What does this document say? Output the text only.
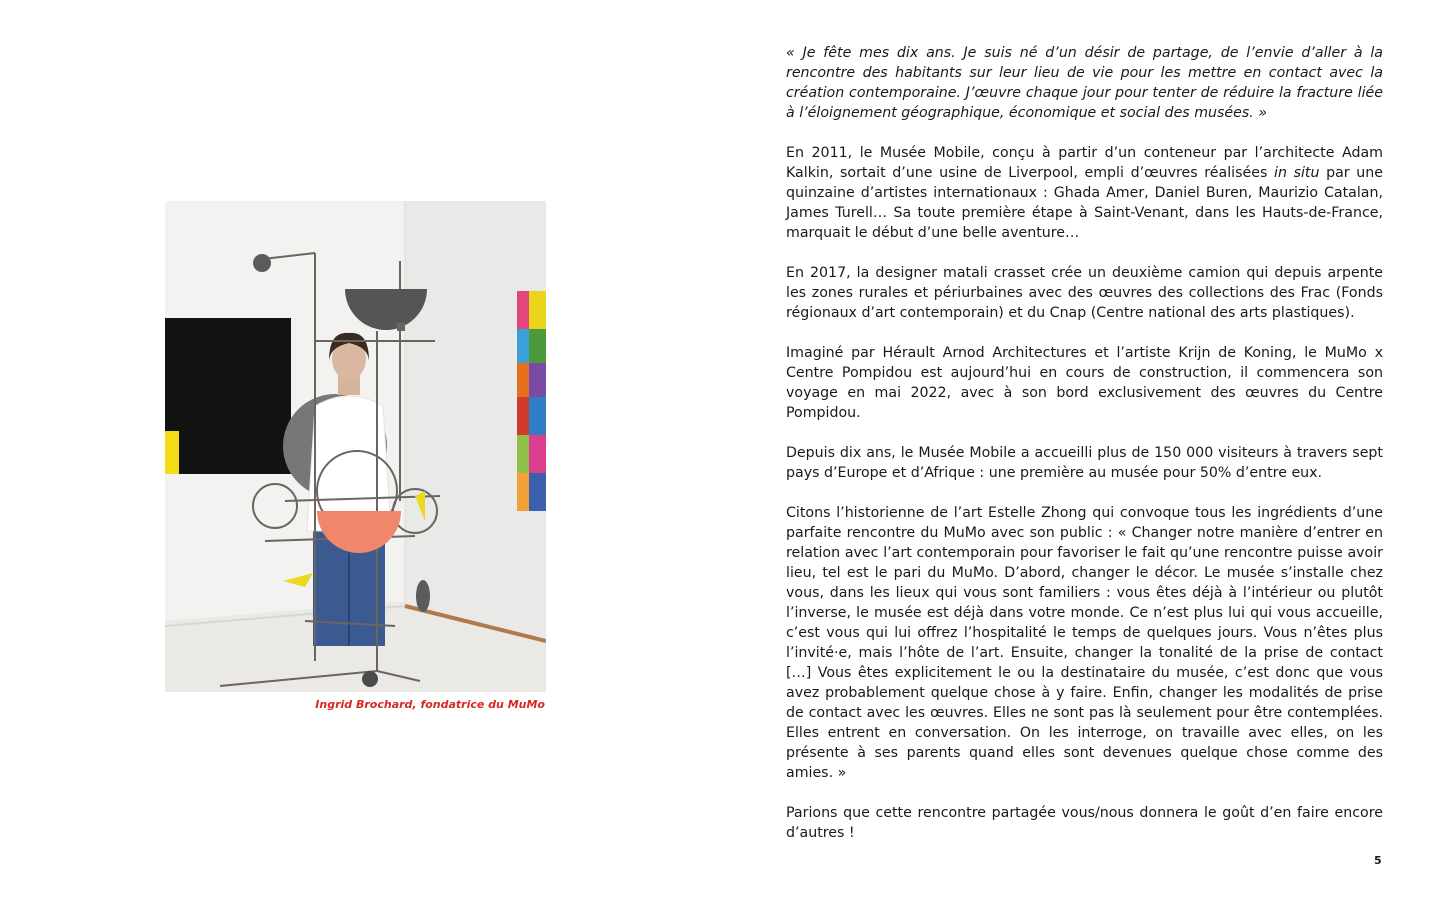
Ingrid Brochard, fondatrice du MuMo

« Je fête mes dix ans. Je suis né d’un désir de partage, de l’envie d’aller à la rencontre des habitants sur leur lieu de vie pour les mettre en contact avec la création contemporaine. J’œuvre chaque jour pour tenter de réduire la fracture liée à l’éloignement géographique, économique et social des musées. »

En 2011, le Musée Mobile, conçu à partir d’un conteneur par l’architecte Adam Kalkin, sortait d’une usine de Liverpool, empli d’œuvres réalisées in situ par une quinzaine d’artistes internationaux : Ghada Amer, Daniel Buren, Maurizio Catalan, James Turell… Sa toute première étape à Saint-Venant, dans les Hauts-de-France, marquait le début d’une belle aventure…

En 2017, la designer matali crasset crée un deuxième camion qui depuis arpente les zones rurales et périurbaines avec des œuvres des collections des Frac (Fonds régionaux d’art contemporain) et du Cnap (Centre national des arts plastiques).

Imaginé par Hérault Arnod Architectures et l’artiste Krijn de Koning, le MuMo x Centre Pompidou est aujourd’hui en cours de construction, il commencera son voyage en mai 2022, avec à son bord exclusivement des œuvres du Centre Pompidou.

Depuis dix ans, le Musée Mobile a accueilli plus de 150 000 visiteurs à travers sept pays d’Europe et d’Afrique : une première au musée pour 50% d’entre eux.

Citons l’historienne de l’art Estelle Zhong qui convoque tous les ingrédients d’une parfaite rencontre du MuMo avec son public : « Changer notre manière d’entrer en relation avec l’art contemporain pour favoriser le fait qu’une rencontre puisse avoir lieu, tel est le pari du MuMo. D’abord, changer le décor. Le musée s’installe chez vous, dans les lieux qui vous sont familiers : vous êtes déjà à l’intérieur ou plutôt l’inverse, le musée est déjà dans votre monde. Ce n’est plus lui qui vous accueille, c’est vous qui lui offrez l’hospitalité le temps de quelques jours. Vous n’êtes plus l’invité·e, mais l’hôte de l’art. Ensuite, changer la tonalité de la prise de contact […] Vous êtes explicitement le ou la destinataire du musée, c’est donc que vous avez probablement quelque chose à y faire. Enfin, changer les modalités de prise de contact avec les œuvres. Elles ne sont pas là seulement pour être contemplées. Elles entrent en conversation. On les interroge, on travaille avec elles, on les présente à ses parents quand elles sont devenues quelque chose comme des amies. »

Parions que cette rencontre partagée vous/nous donnera le goût d’en faire encore d’autres !

5
